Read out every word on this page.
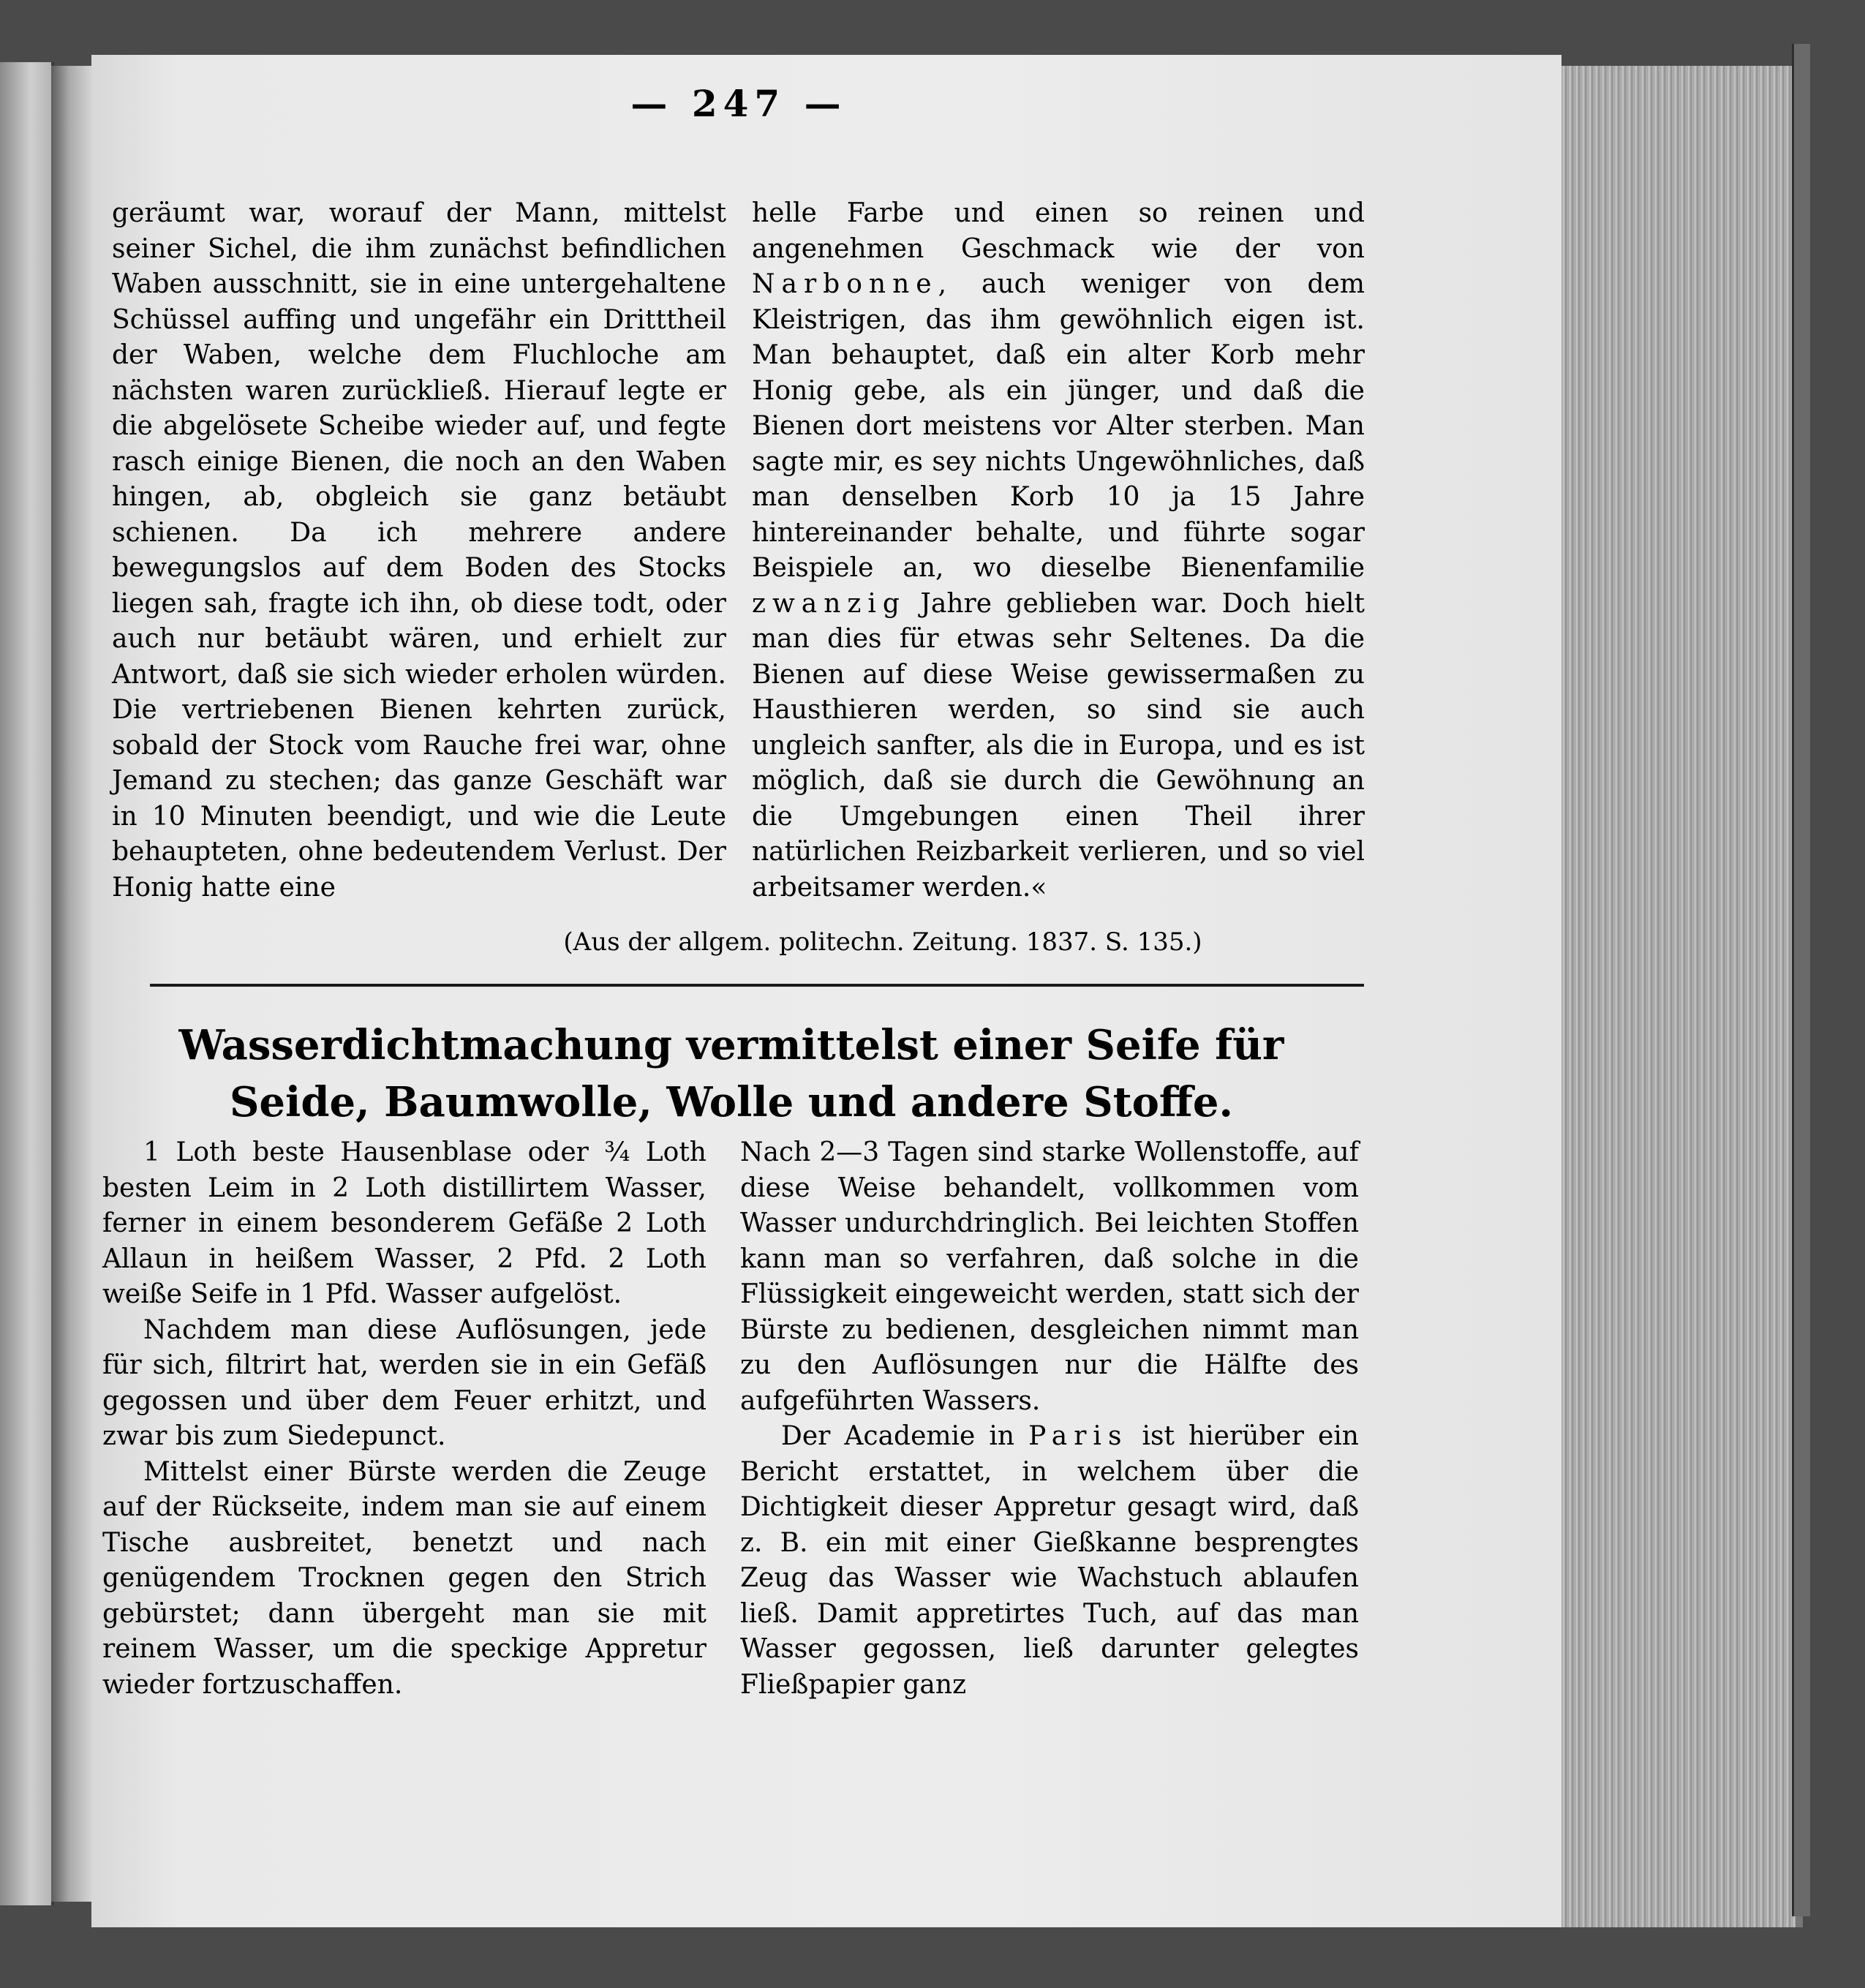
— 247 —

geräumt war, worauf der Mann, mittelst seiner Sichel, die ihm zunächst befindlichen Waben ausschnitt, sie in eine untergehaltene Schüssel auffing und ungefähr ein Dritttheil der Waben, welche dem Fluchloche am nächsten waren zurückließ. Hierauf legte er die abgelösete Scheibe wieder auf, und fegte rasch einige Bienen, die noch an den Waben hingen, ab, obgleich sie ganz betäubt schienen. Da ich mehrere andere bewegungslos auf dem Boden des Stocks liegen sah, fragte ich ihn, ob diese todt, oder auch nur betäubt wären, und erhielt zur Antwort, daß sie sich wieder erholen würden. Die vertriebenen Bienen kehrten zurück, sobald der Stock vom Rauche frei war, ohne Jemand zu stechen; das ganze Geschäft war in 10 Minuten beendigt, und wie die Leute behaupteten, ohne bedeutendem Verlust. Der Honig hatte eine

helle Farbe und einen so reinen und angenehmen Geschmack wie der von Narbonne, auch weniger von dem Kleistrigen, das ihm gewöhnlich eigen ist. Man behauptet, daß ein alter Korb mehr Honig gebe, als ein jünger, und daß die Bienen dort meistens vor Alter sterben. Man sagte mir, es sey nichts Ungewöhnliches, daß man denselben Korb 10 ja 15 Jahre hintereinander behalte, und führte sogar Beispiele an, wo dieselbe Bienenfamilie zwanzig Jahre geblieben war. Doch hielt man dies für etwas sehr Seltenes. Da die Bienen auf diese Weise gewissermaßen zu Hausthieren werden, so sind sie auch ungleich sanfter, als die in Europa, und es ist möglich, daß sie durch die Gewöhnung an die Umgebungen einen Theil ihrer natürlichen Reizbarkeit verlieren, und so viel arbeitsamer werden.«

(Aus der allgem. politechn. Zeitung. 1837. S. 135.)
Wasserdichtmachung vermittelst einer Seife für Seide, Baumwolle, Wolle und andere Stoffe.

1 Loth beste Hausenblase oder ¾ Loth besten Leim in 2 Loth distillirtem Wasser, ferner in einem besonderem Gefäße 2 Loth Allaun in heißem Wasser, 2 Pfd. 2 Loth weiße Seife in 1 Pfd. Wasser aufgelöst.

Nachdem man diese Auflösungen, jede für sich, filtrirt hat, werden sie in ein Gefäß gegossen und über dem Feuer erhitzt, und zwar bis zum Siedepunct.

Mittelst einer Bürste werden die Zeuge auf der Rückseite, indem man sie auf einem Tische ausbreitet, benetzt und nach genügendem Trocknen gegen den Strich gebürstet; dann übergeht man sie mit reinem Wasser, um die speckige Appretur wieder fortzuschaffen.

Nach 2—3 Tagen sind starke Wollenstoffe, auf diese Weise behandelt, vollkommen vom Wasser undurchdringlich. Bei leichten Stoffen kann man so verfahren, daß solche in die Flüssigkeit eingeweicht werden, statt sich der Bürste zu bedienen, desgleichen nimmt man zu den Auflösungen nur die Hälfte des aufgeführten Wassers.

Der Academie in Paris ist hierüber ein Bericht erstattet, in welchem über die Dichtigkeit dieser Appretur gesagt wird, daß z. B. ein mit einer Gießkanne besprengtes Zeug das Wasser wie Wachstuch ablaufen ließ. Damit appretirtes Tuch, auf das man Wasser gegossen, ließ darunter gelegtes Fließpapier ganz
